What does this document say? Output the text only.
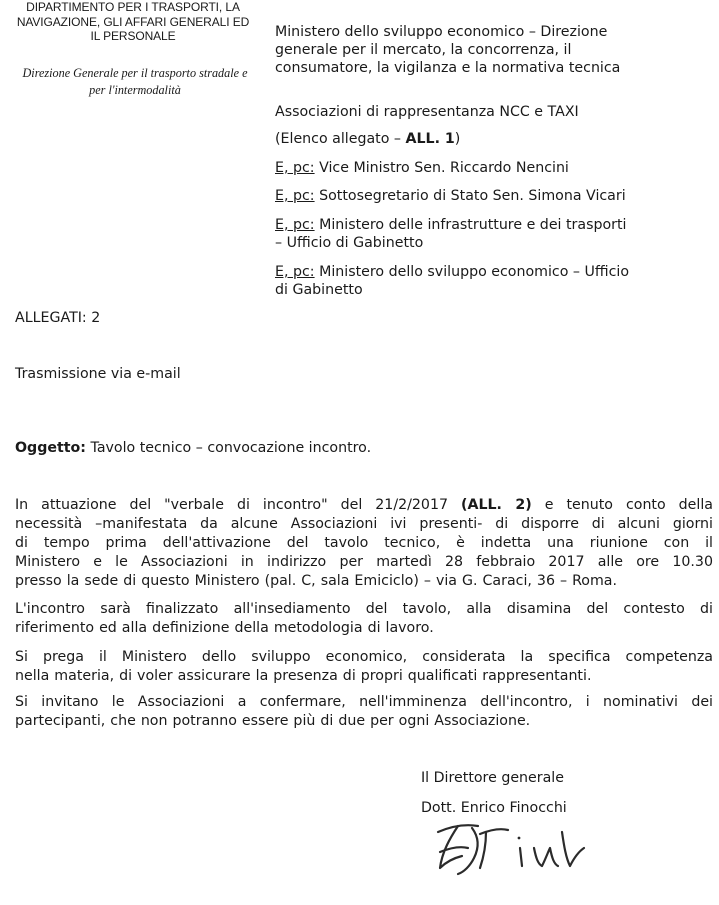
DIPARTIMENTO PER I TRASPORTI, LA
NAVIGAZIONE, GLI AFFARI GENERALI ED
IL PERSONALE
Direzione Generale per il trasporto stradale e
per l'intermodalità
Ministero dello sviluppo economico – Direzione
generale per il mercato, la concorrenza, il
consumatore, la vigilanza e la normativa tecnica
Associazioni di rappresentanza NCC e TAXI
(Elenco allegato – ALL. 1)
E, pc: Vice Ministro Sen. Riccardo Nencini
E, pc: Sottosegretario di Stato Sen. Simona Vicari
E, pc: Ministero delle infrastrutture e dei trasporti
– Ufficio di Gabinetto
E, pc: Ministero dello sviluppo economico – Ufficio
di Gabinetto
ALLEGATI: 2
Trasmissione via e-mail
Oggetto: Tavolo tecnico – convocazione incontro.
In attuazione del "verbale di incontro" del 21/2/2017 (ALL. 2) e tenuto conto della
necessità –manifestata da alcune Associazioni ivi presenti- di disporre di alcuni giorni
di tempo prima dell'attivazione del tavolo tecnico, è indetta una riunione con il
Ministero e le Associazioni in indirizzo per martedì 28 febbraio 2017 alle ore 10.30
presso la sede di questo Ministero (pal. C, sala Emiciclo) – via G. Caraci, 36 – Roma.
L'incontro sarà finalizzato all'insediamento del tavolo, alla disamina del contesto di
riferimento ed alla definizione della metodologia di lavoro.
Si prega il Ministero dello sviluppo economico, considerata la specifica competenza
nella materia, di voler assicurare la presenza di propri qualificati rappresentanti.
Si invitano le Associazioni a confermare, nell'imminenza dell'incontro, i nominativi dei
partecipanti, che non potranno essere più di due per ogni Associazione.
Il Direttore generale
Dott. Enrico Finocchi
